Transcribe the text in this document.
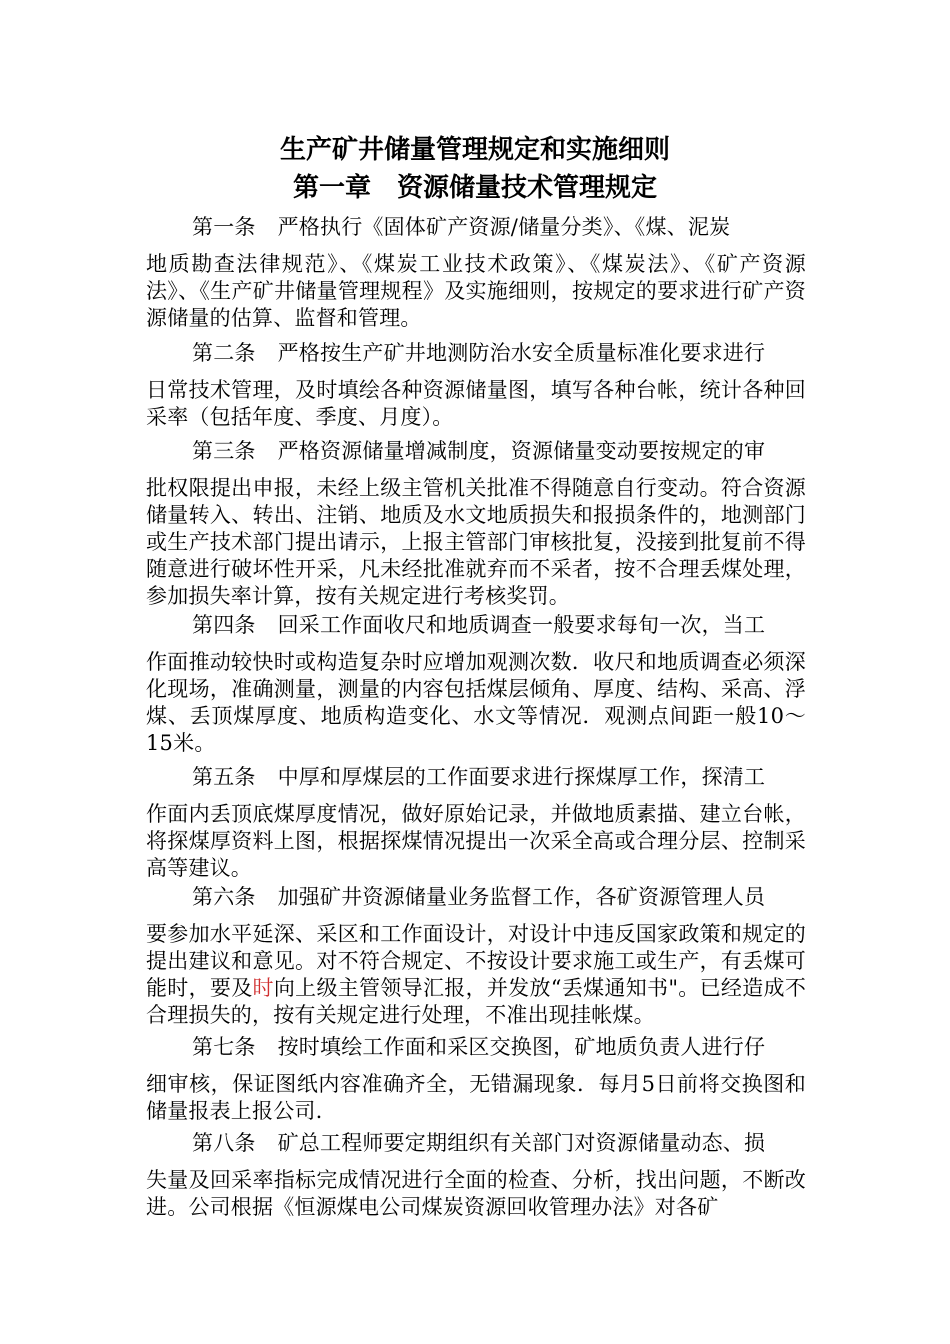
生产矿井储量管理规定和实施细则
第一章　资源储量技术管理规定

第一条 严格执行《固体矿产资源/储量分类》、《煤、泥炭
地质勘查法律规范》、《煤炭工业技术政策》、《煤炭法》、《矿产资源法》、《生产矿井储量管理规程》及实施细则，按规定的要求进行矿产资源储量的估算、监督和管理。

第二条 严格按生产矿井地测防治水安全质量标准化要求进行
日常技术管理，及时填绘各种资源储量图，填写各种台帐，统计各种回采率（包括年度、季度、月度）。

第三条 严格资源储量增减制度，资源储量变动要按规定的审
批权限提出申报，未经上级主管机关批准不得随意自行变动。符合资源储量转入、转出、注销、地质及水文地质损失和报损条件的，地测部门或生产技术部门提出请示，上报主管部门审核批复，没接到批复前不得随意进行破坏性开采，凡未经批准就弃而不采者，按不合理丢煤处理，参加损失率计算，按有关规定进行考核奖罚。

第四条 回采工作面收尺和地质调查一般要求每旬一次，当工
作面推动较快时或构造复杂时应增加观测次数．收尺和地质调查必须深化现场，准确测量，测量的内容包括煤层倾角、厚度、结构、采高、浮煤、丢顶煤厚度、地质构造变化、水文等情况．观测点间距一般10～15米。

第五条 中厚和厚煤层的工作面要求进行探煤厚工作，探清工
作面内丢顶底煤厚度情况，做好原始记录，并做地质素描、建立台帐，将探煤厚资料上图，根据探煤情况提出一次采全高或合理分层、控制采高等建议。

第六条 加强矿井资源储量业务监督工作，各矿资源管理人员
要参加水平延深、采区和工作面设计，对设计中违反国家政策和规定的提出建议和意见。对不符合规定、不按设计要求施工或生产，有丢煤可能时，要及时向上级主管领导汇报，并发放“丢煤通知书"。已经造成不合理损失的，按有关规定进行处理，不准出现挂帐煤。

第七条 按时填绘工作面和采区交换图，矿地质负责人进行仔
细审核，保证图纸内容准确齐全，无错漏现象．每月5日前将交换图和储量报表上报公司.

第八条 矿总工程师要定期组织有关部门对资源储量动态、损
失量及回采率指标完成情况进行全面的检查、分析，找出问题，不断改进。公司根据《恒源煤电公司煤炭资源回收管理办法》对各矿
